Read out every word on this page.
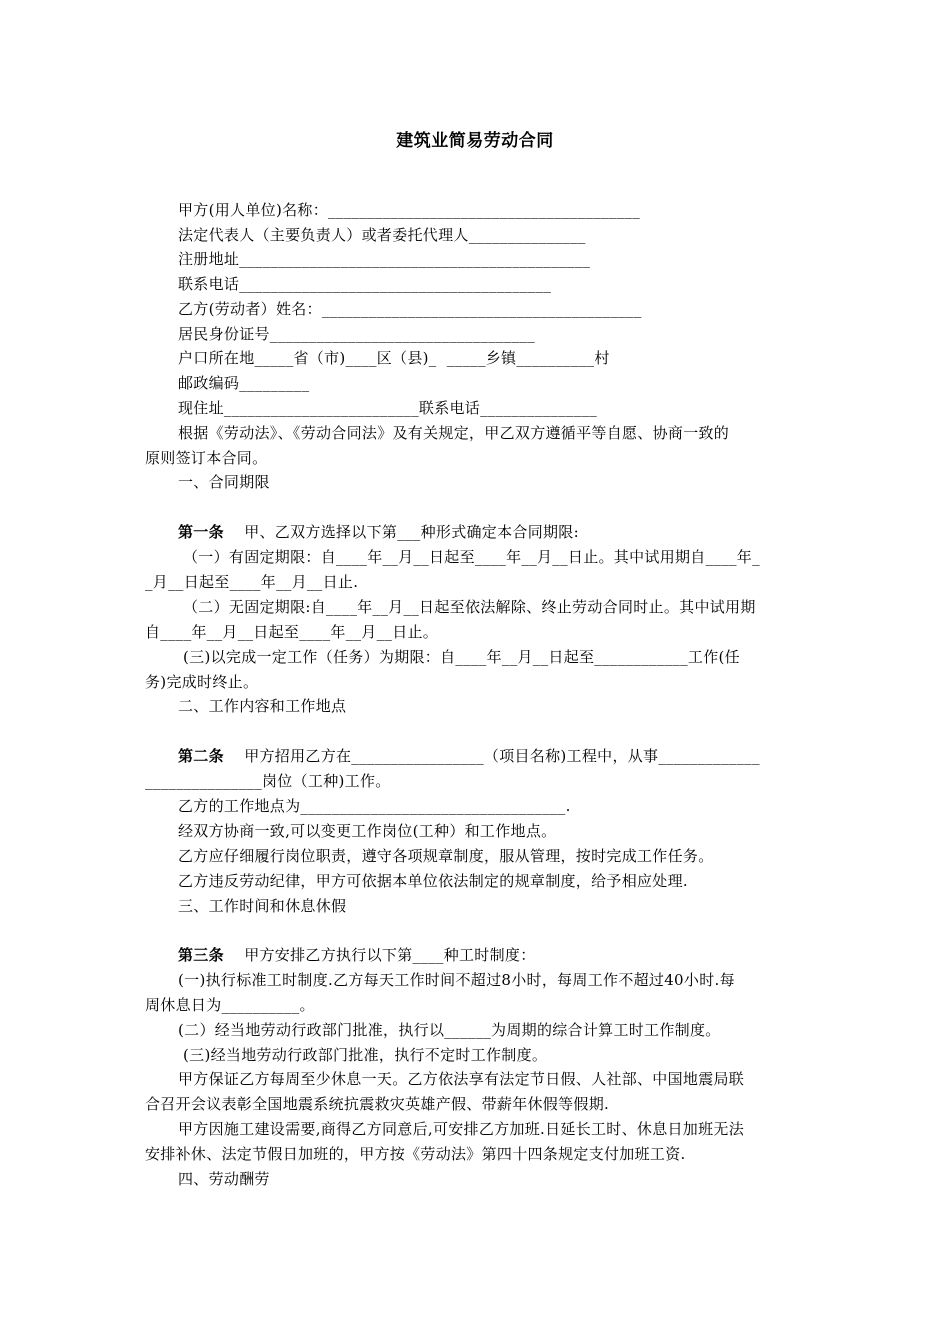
建筑业简易劳动合同
甲方(用人单位)名称：________________________________________
法定代表人（主要负责人）或者委托代理人_______________
注册地址_____________________________________________
联系电话________________________________________
乙方(劳动者）姓名：_________________________________________
居民身份证号__________________________________
户口所在地_____省（市)____区（县)_  _____乡镇__________村
邮政编码_________
现住址_________________________联系电话_______________
根据《劳动法》、《劳动合同法》及有关规定，甲乙双方遵循平等自愿、协商一致的
原则签订本合同。
一、合同期限
第一条 甲、乙双方选择以下第___种形式确定本合同期限:
（一）有固定期限：自____年__月__日起至____年__月__日止。其中试用期自____年_
_月__日起至____年__月__日止.
（二）无固定期限:自____年__月__日起至依法解除、终止劳动合同时止。其中试用期
自____年__月__日起至____年__月__日止。
(三)以完成一定工作（任务）为期限：自____年__月__日起至____________工作(任
务)完成时终止。
二、工作内容和工作地点
第二条 甲方招用乙方在_________________（项目名称)工程中，从事_____________
_______________岗位（工种)工作。
乙方的工作地点为__________________________________.
经双方协商一致,可以变更工作岗位(工种）和工作地点。
乙方应仔细履行岗位职责，遵守各项规章制度，服从管理，按时完成工作任务。
乙方违反劳动纪律，甲方可依据本单位依法制定的规章制度，给予相应处理.
三、工作时间和休息休假
第三条 甲方安排乙方执行以下第____种工时制度：
(一)执行标准工时制度.乙方每天工作时间不超过8小时，每周工作不超过40小时.每
周休息日为__________。
(二）经当地劳动行政部门批准，执行以______为周期的综合计算工时工作制度。
(三)经当地劳动行政部门批准，执行不定时工作制度。
甲方保证乙方每周至少休息一天。乙方依法享有法定节日假、人社部、中国地震局联
合召开会议表彰全国地震系统抗震救灾英雄产假、带薪年休假等假期.
甲方因施工建设需要,商得乙方同意后,可安排乙方加班.日延长工时、休息日加班无法
安排补休、法定节假日加班的，甲方按《劳动法》第四十四条规定支付加班工资.
四、劳动酬劳
